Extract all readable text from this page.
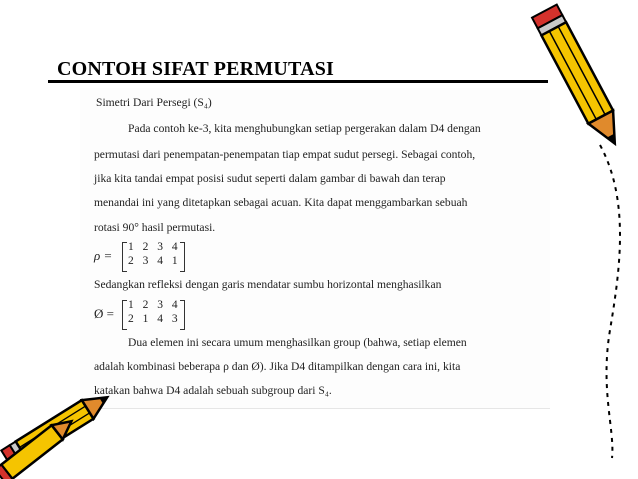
CONTOH SIFAT PERMUTASI
Simetri Dari Persegi (S₄)
Pada contoh ke-3, kita menghubungkan setiap pergerakan dalam D4 dengan
permutasi dari penempatan-penempatan tiap empat sudut persegi. Sebagai contoh,
jika kita tandai empat posisi sudut seperti dalam gambar di bawah dan terap
menandai ini yang ditetapkan sebagai acuan. Kita dapat menggambarkan sebuah
rotasi 90° hasil permutasi.
ρ =
1 2 3 4
2 3 4 1
Sedangkan refleksi dengan garis mendatar sumbu horizontal menghasilkan
Ø =
1 2 3 4
2 1 4 3
Dua elemen ini secara umum menghasilkan group (bahwa, setiap elemen
adalah kombinasi beberapa ρ dan Ø). Jika D4 ditampilkan dengan cara ini, kita
katakan bahwa D4 adalah sebuah subgroup dari S₄.
